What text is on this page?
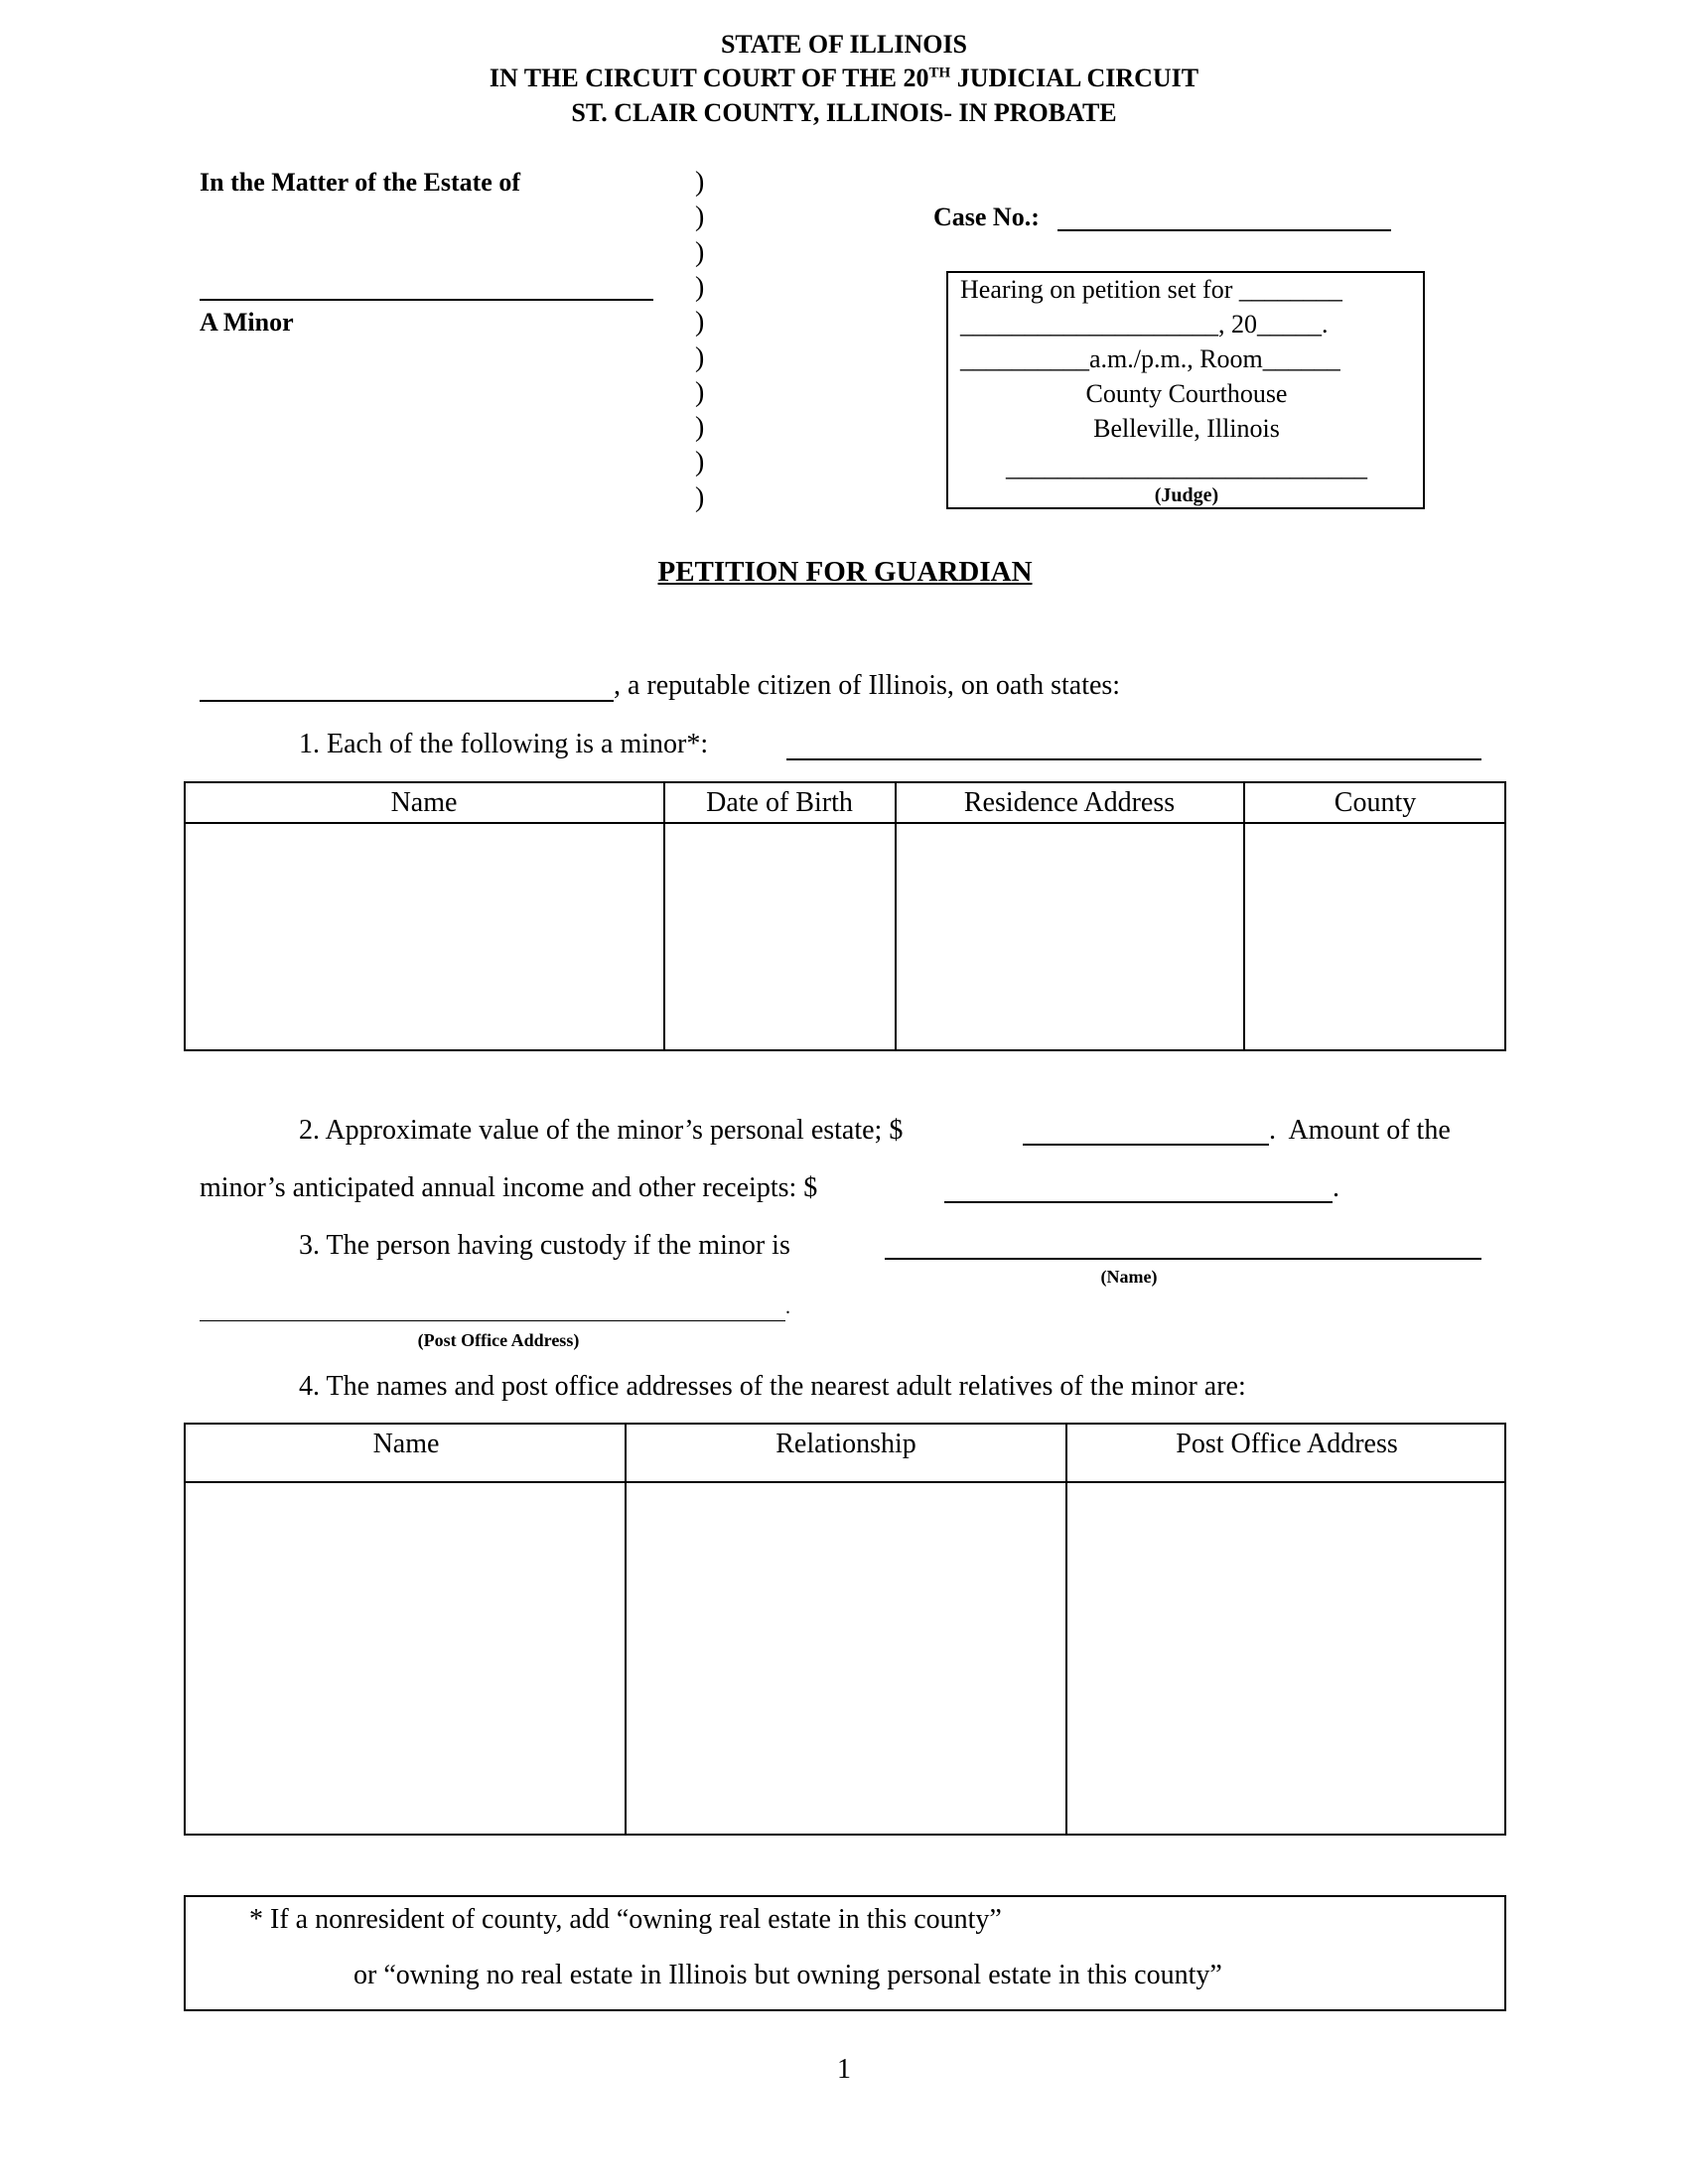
STATE OF ILLINOIS
IN THE CIRCUIT COURT OF THE 20TH JUDICIAL CIRCUIT
ST. CLAIR COUNTY, ILLINOIS- IN PROBATE
In the Matter of the Estate of
A Minor
)
)
)
)
)
)
)
)
)
)
Case No.:
Hearing on petition set for ________
____________________, 20_____.
__________a.m./p.m., Room______
County Courthouse
Belleville, Illinois
____________________________
(Judge)
PETITION FOR GUARDIAN
, a reputable citizen of Illinois, on oath states:
1. Each of the following is a minor*:
Name	Date of Birth	Residence Address	County
2. Approximate value of the minor’s personal estate; $	.  Amount of the
minor’s anticipated annual income and other receipts: $	.
3. The person having custody if the minor is
(Name)
.
(Post Office Address)
4. The names and post office addresses of the nearest adult relatives of the minor are:
Name	Relationship	Post Office Address
* If a nonresident of county, add “owning real estate in this county”
or “owning no real estate in Illinois but owning personal estate in this county”
1
